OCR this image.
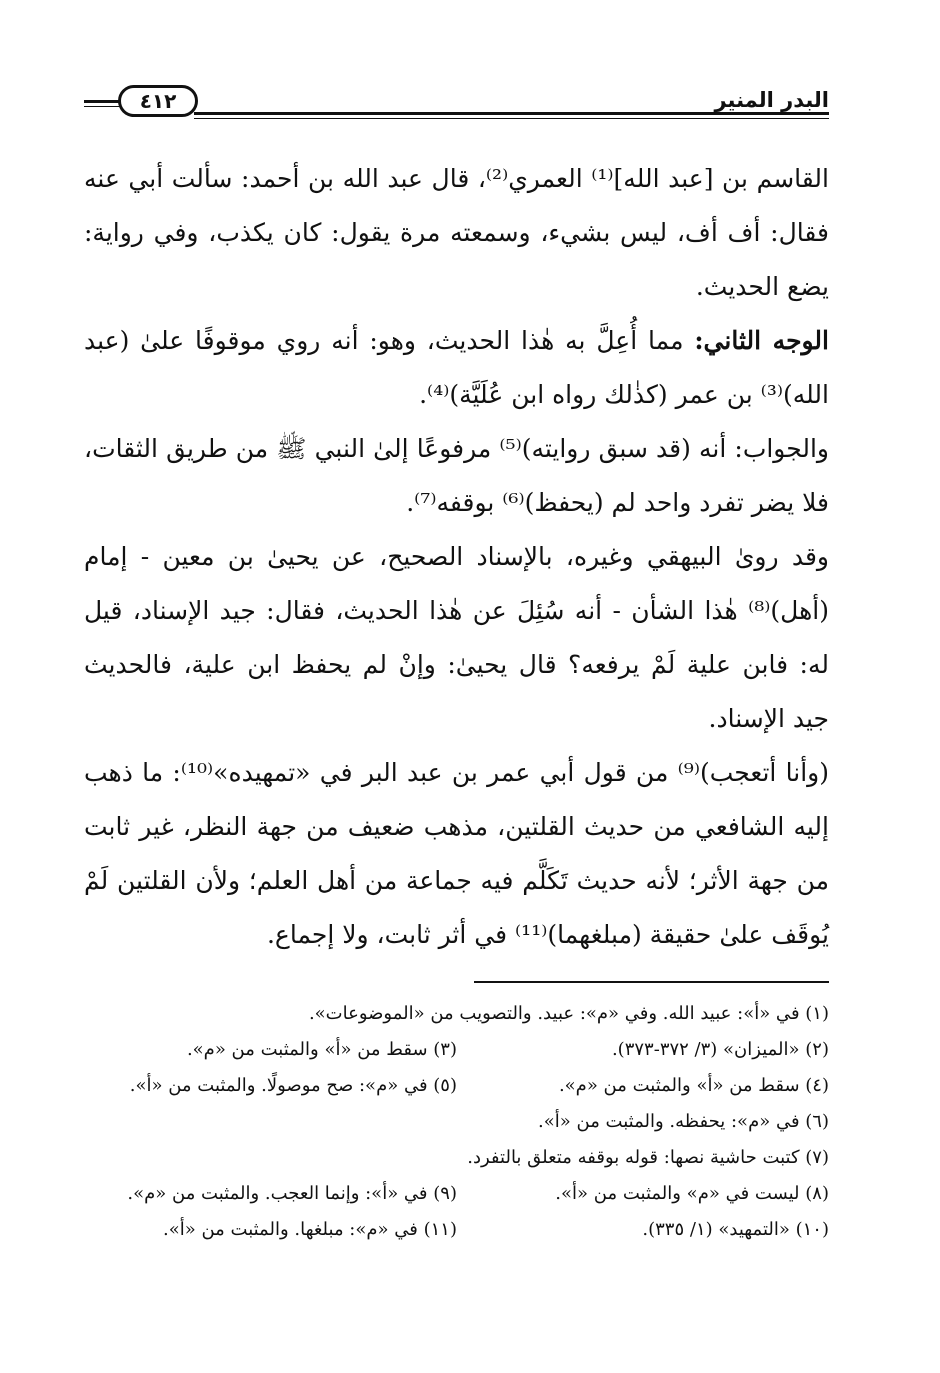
٤١٢	البدر المنير

القاسم بن [عبد الله]⁽¹⁾ العمري⁽²⁾، قال عبد الله بن أحمد: سألت أبي عنه فقال: أف أف، ليس بشيء، وسمعته مرة يقول: كان يكذب، وفي رواية: يضع الحديث.

الوجه الثاني: مما أُعِلَّ به هٰذا الحديث، وهو: أنه روي موقوفًا علىٰ (عبد الله)⁽³⁾ بن عمر (كذٰلك رواه ابن عُلَيَّة)⁽⁴⁾.

والجواب: أنه (قد سبق روايته)⁽⁵⁾ مرفوعًا إلىٰ النبي ﷺ من طريق الثقات، فلا يضر تفرد واحد لم (يحفظ)⁽⁶⁾ بوقفه⁽⁷⁾.

وقد روىٰ البيهقي وغيره، بالإسناد الصحيح، عن يحيىٰ بن معين - إمام (أهل)⁽⁸⁾ هٰذا الشأن - أنه سُئِلَ عن هٰذا الحديث، فقال: جيد الإسناد، قيل له: فابن علية لَمْ يرفعه؟ قال يحيىٰ: وإنْ لم يحفظ ابن علية، فالحديث جيد الإسناد.

(وأنا أتعجب)⁽⁹⁾ من قول أبي عمر بن عبد البر في «تمهيده»⁽¹⁰⁾: ما ذهب إليه الشافعي من حديث القلتين، مذهب ضعيف من جهة النظر، غير ثابت من جهة الأثر؛ لأنه حديث تَكَلَّم فيه جماعة من أهل العلم؛ ولأن القلتين لَمْ يُوقَف علىٰ حقيقة (مبلغهما)⁽¹¹⁾ في أثر ثابت، ولا إجماع.

(١) في «أ»: عبيد الله. وفي «م»: عبيد. والتصويب من «الموضوعات».
(٢) «الميزان» (٣/ ٣٧٢-٣٧٣).
(٣) سقط من «أ» والمثبت من «م».
(٤) سقط من «أ» والمثبت من «م».
(٥) في «م»: صح موصولًا. والمثبت من «أ».
(٦) في «م»: يحفظه. والمثبت من «أ».
(٧) كتبت حاشية نصها: قوله بوقفه متعلق بالتفرد.
(٨) ليست في «م» والمثبت من «أ».
(٩) في «أ»: وإنما العجب. والمثبت من «م».
(١٠) «التمهيد» (١/ ٣٣٥).
(١١) في «م»: مبلغها. والمثبت من «أ».
